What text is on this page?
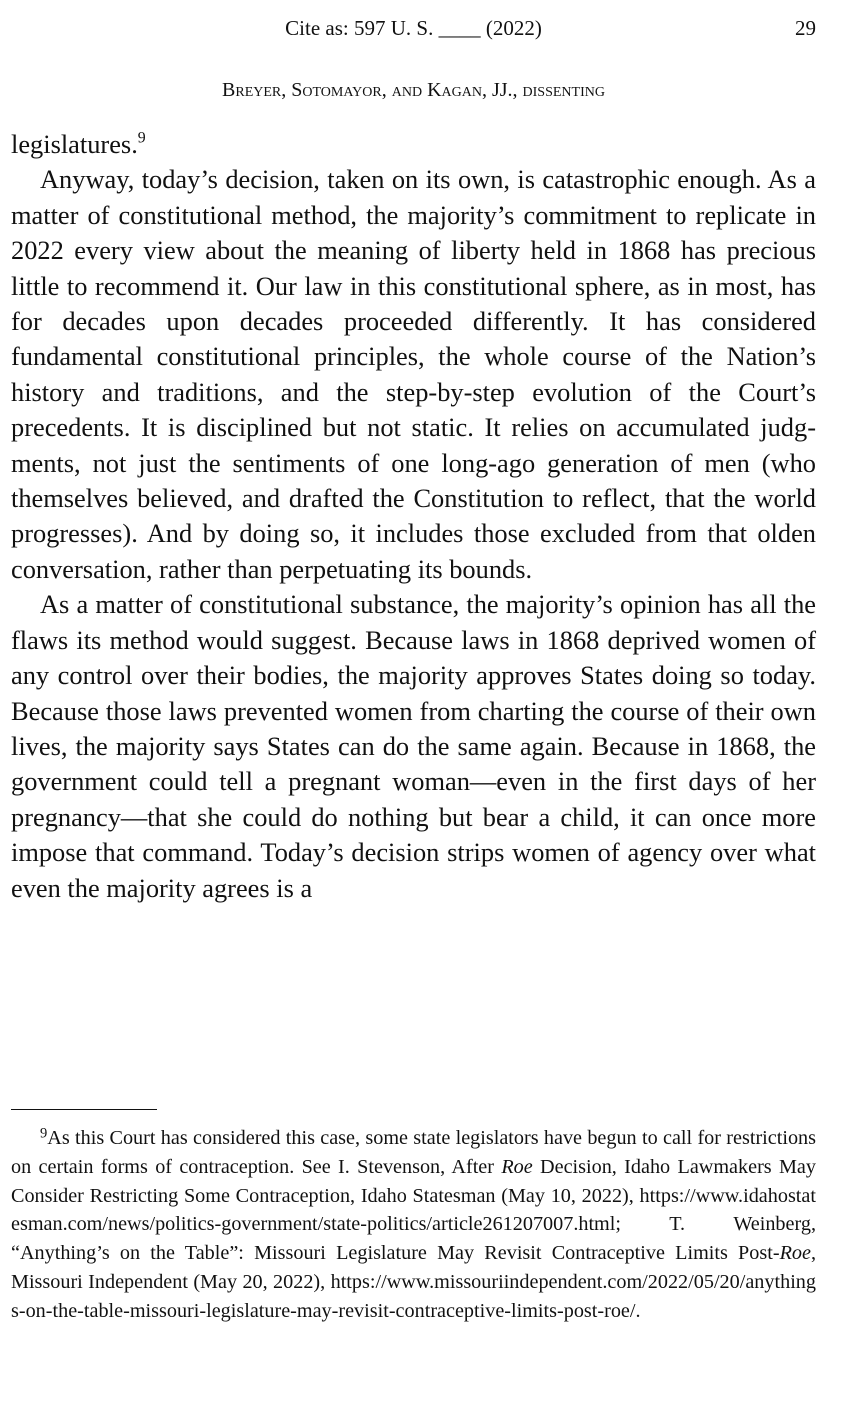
Cite as: 597 U. S. ____ (2022)	29
Breyer, Sotomayor, and Kagan, JJ., dissenting

legislatures.$^9$

Anyway, today’s decision, taken on its own, is catastrophic enough. As a matter of constitutional method, the majority’s commitment to replicate in 2022 every view about the meaning of liberty held in 1868 has precious little to recommend it. Our law in this constitutional sphere, as in most, has for decades upon decades proceeded differently. It has considered fundamental constitutional principles, the whole course of the Nation’s history and traditions, and the step-by-step evolution of the Court’s precedents. It is disciplined but not static. It relies on accumulated judgments, not just the sentiments of one long-ago generation of men (who themselves believed, and drafted the Constitution to reflect, that the world progresses). And by doing so, it includes those excluded from that olden conversation, rather than perpetuating its bounds.

As a matter of constitutional substance, the majority’s opinion has all the flaws its method would suggest. Because laws in 1868 deprived women of any control over their bodies, the majority approves States doing so today. Because those laws prevented women from charting the course of their own lives, the majority says States can do the same again. Because in 1868, the government could tell a pregnant woman—even in the first days of her pregnancy—that she could do nothing but bear a child, it can once more impose that command. Today’s decision strips women of agency over what even the majority agrees is a

$^9$As this Court has considered this case, some state legislators have begun to call for restrictions on certain forms of contraception. See I. Stevenson, After Roe Decision, Idaho Lawmakers May Consider Restricting Some Contraception, Idaho Statesman (May 10, 2022), https://www.idahostatesman.com/news/politics-government/state-politics/article261207007.html; T. Weinberg, “Anything’s on the Table”: Missouri Legislature May Revisit Contraceptive Limits Post-Roe, Missouri Independent (May 20, 2022), https://www.missouriindependent.com/2022/05/20/anythings-on-the-table-missouri-legislature-may-revisit-contraceptive-limits-post-roe/.
